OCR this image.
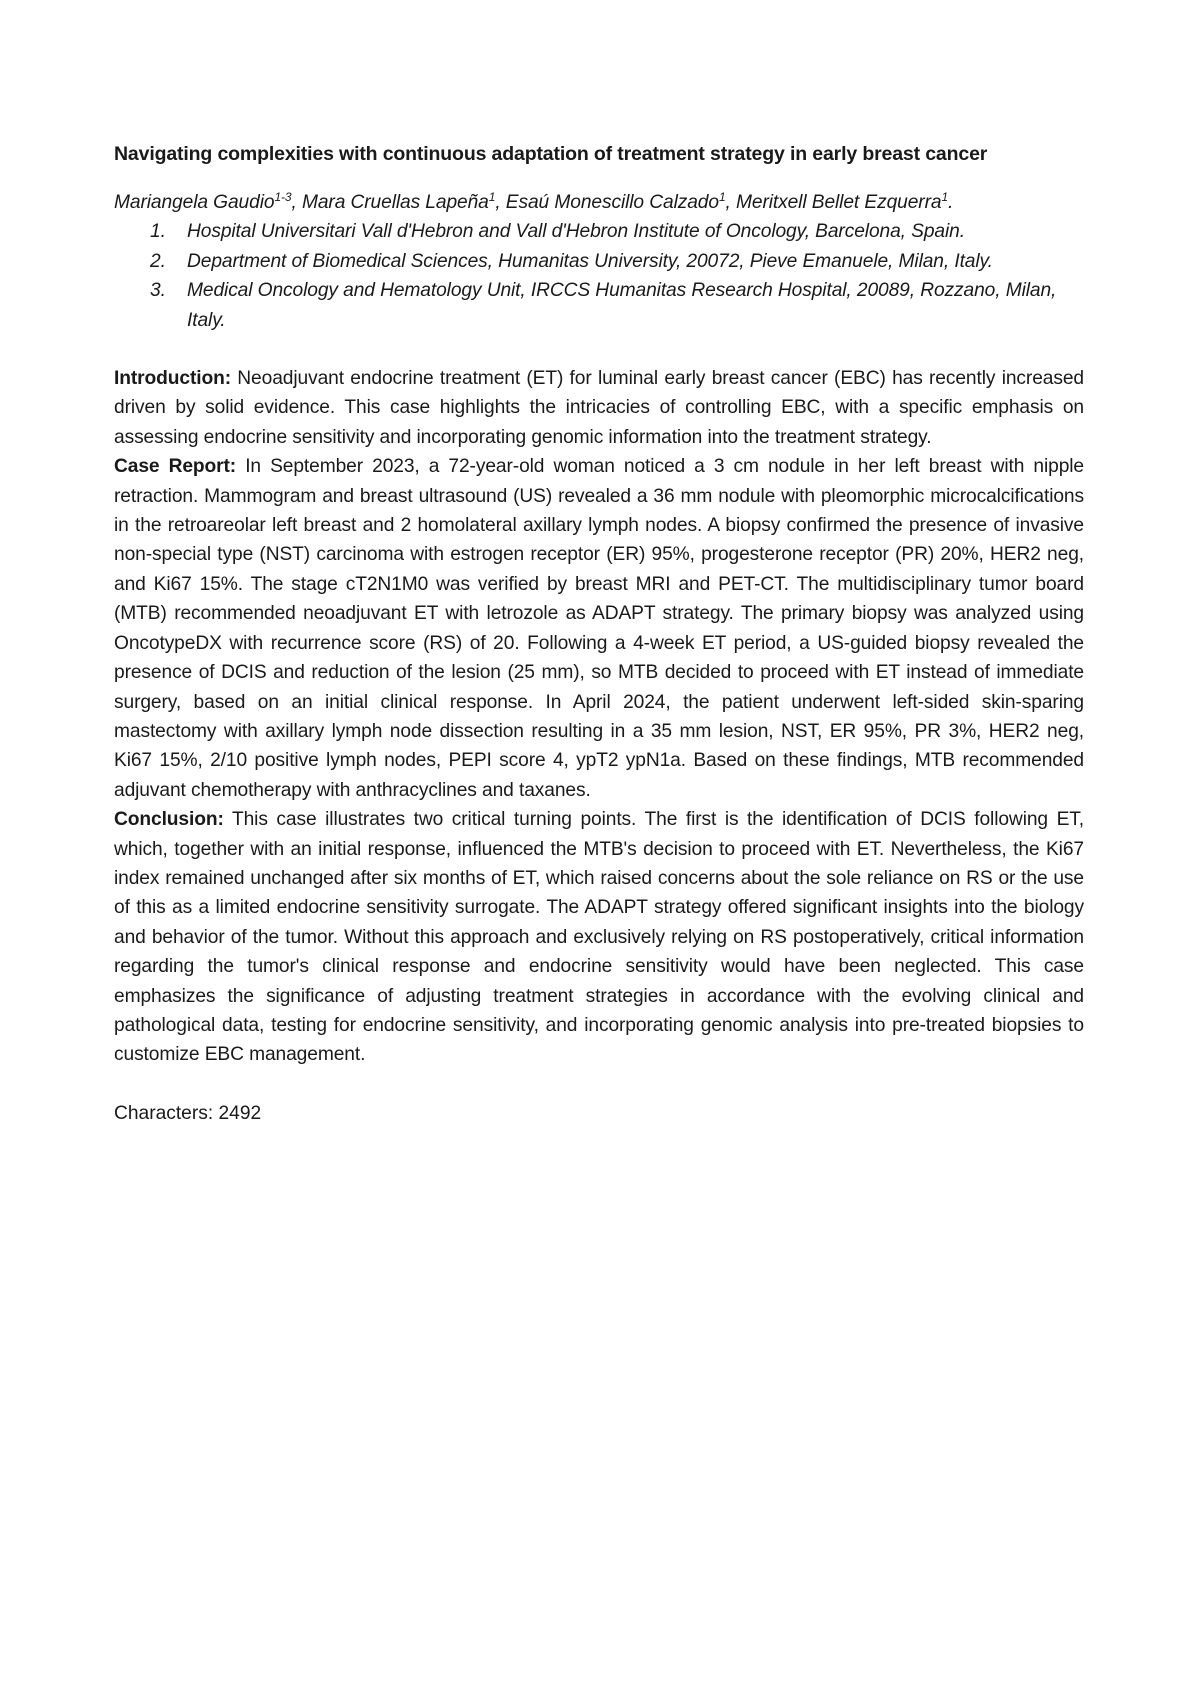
Navigating complexities with continuous adaptation of treatment strategy in early breast cancer
Mariangela Gaudio$^{1-3}$, Mara Cruellas Lapeña$^1$, Esaú Monescillo Calzado$^1$, Meritxell Bellet Ezquerra$^1$.
1. Hospital Universitari Vall d'Hebron and Vall d'Hebron Institute of Oncology, Barcelona, Spain.
2. Department of Biomedical Sciences, Humanitas University, 20072, Pieve Emanuele, Milan, Italy.
3. Medical Oncology and Hematology Unit, IRCCS Humanitas Research Hospital, 20089, Rozzano, Milan, Italy.

Introduction: Neoadjuvant endocrine treatment (ET) for luminal early breast cancer (EBC) has recently increased driven by solid evidence. This case highlights the intricacies of controlling EBC, with a specific emphasis on assessing endocrine sensitivity and incorporating genomic information into the treatment strategy.

Case Report: In September 2023, a 72-year-old woman noticed a 3 cm nodule in her left breast with nipple retraction. Mammogram and breast ultrasound (US) revealed a 36 mm nodule with pleomorphic microcalcifications in the retroareolar left breast and 2 homolateral axillary lymph nodes. A biopsy confirmed the presence of invasive non-special type (NST) carcinoma with estrogen receptor (ER) 95%, progesterone receptor (PR) 20%, HER2 neg, and Ki67 15%. The stage cT2N1M0 was verified by breast MRI and PET-CT. The multidisciplinary tumor board (MTB) recommended neoadjuvant ET with letrozole as ADAPT strategy. The primary biopsy was analyzed using OncotypeDX with recurrence score (RS) of 20. Following a 4-week ET period, a US-guided biopsy revealed the presence of DCIS and reduction of the lesion (25 mm), so MTB decided to proceed with ET instead of immediate surgery, based on an initial clinical response. In April 2024, the patient underwent left-sided skin-sparing mastectomy with axillary lymph node dissection resulting in a 35 mm lesion, NST, ER 95%, PR 3%, HER2 neg, Ki67 15%, 2/10 positive lymph nodes, PEPI score 4, ypT2 ypN1a. Based on these findings, MTB recommended adjuvant chemotherapy with anthracyclines and taxanes.

Conclusion: This case illustrates two critical turning points. The first is the identification of DCIS following ET, which, together with an initial response, influenced the MTB's decision to proceed with ET. Nevertheless, the Ki67 index remained unchanged after six months of ET, which raised concerns about the sole reliance on RS or the use of this as a limited endocrine sensitivity surrogate. The ADAPT strategy offered significant insights into the biology and behavior of the tumor. Without this approach and exclusively relying on RS postoperatively, critical information regarding the tumor's clinical response and endocrine sensitivity would have been neglected. This case emphasizes the significance of adjusting treatment strategies in accordance with the evolving clinical and pathological data, testing for endocrine sensitivity, and incorporating genomic analysis into pre-treated biopsies to customize EBC management.

Characters: 2492
